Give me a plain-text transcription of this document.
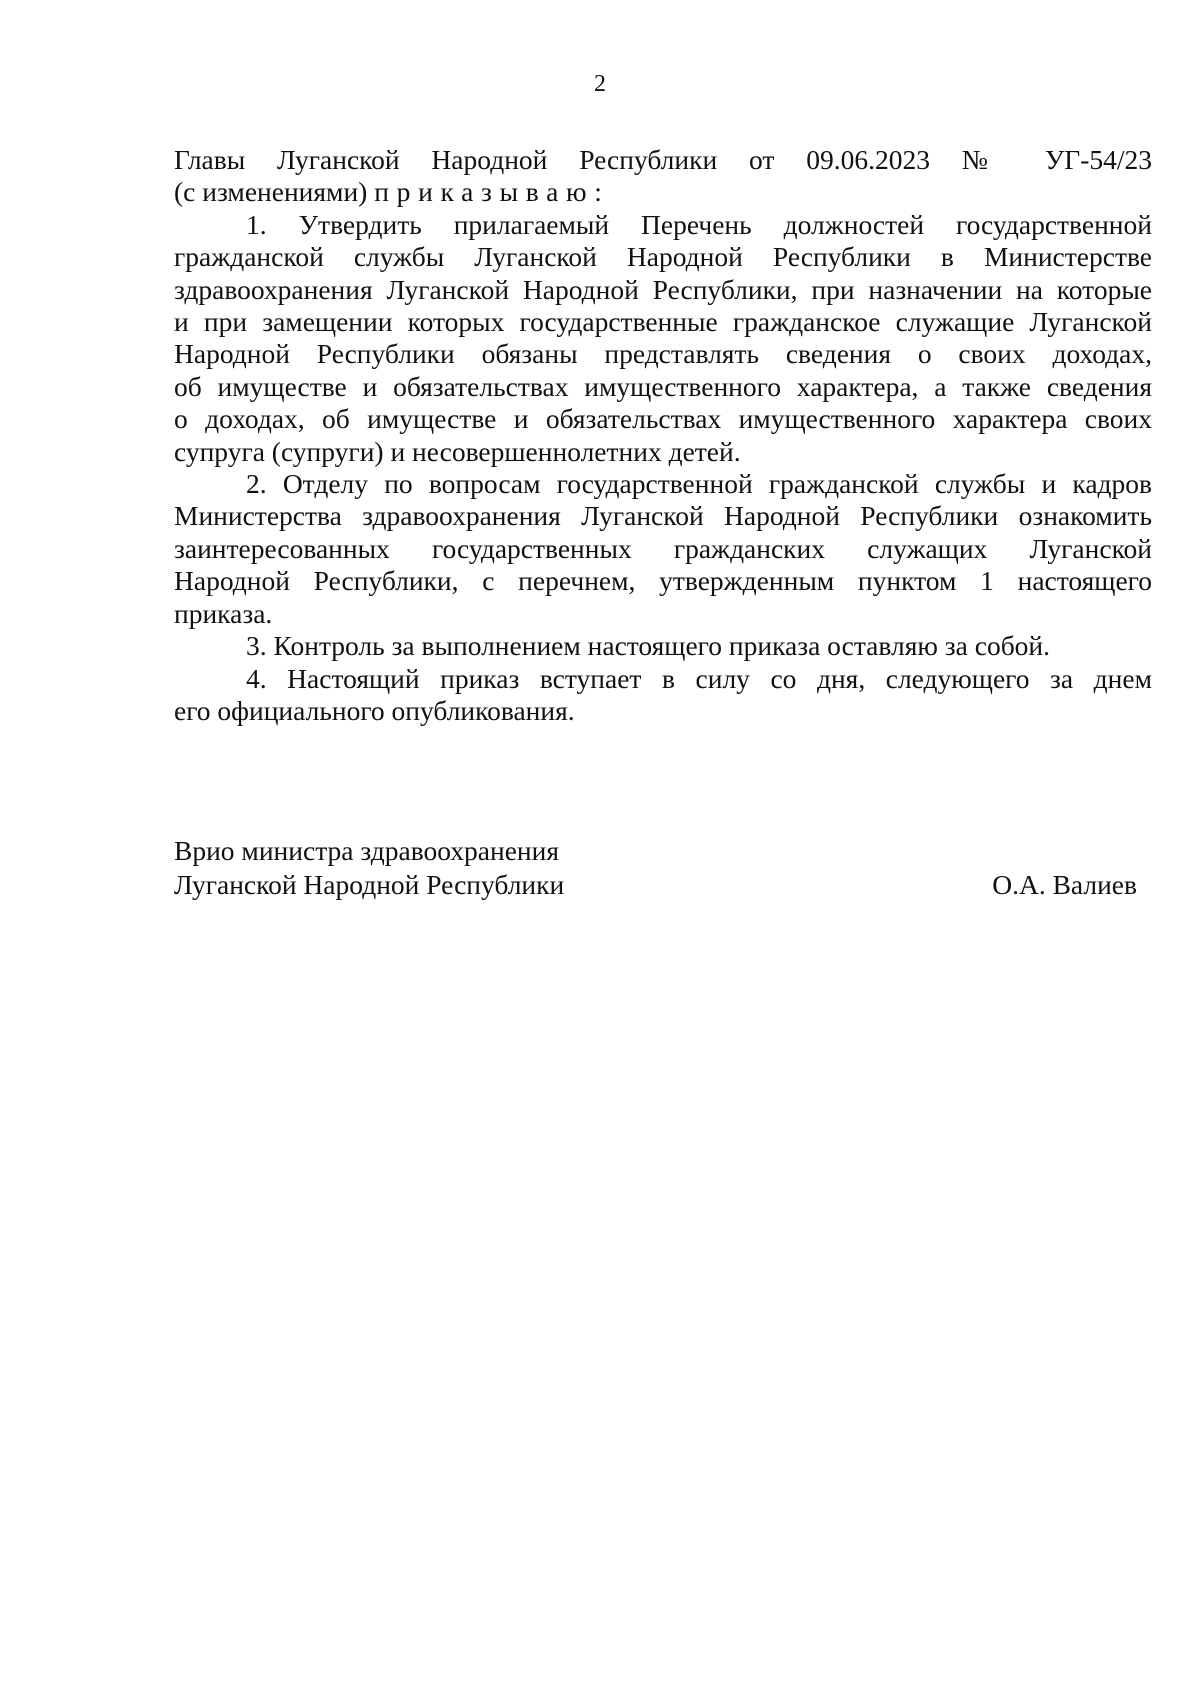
2
Главы Луганской Народной Республики от 09.06.2023 № УГ-54/23
(с изменениями) приказываю:
1. Утвердить прилагаемый Перечень должностей государственной
гражданской службы Луганской Народной Республики в Министерстве
здравоохранения Луганской Народной Республики, при назначении на которые
и при замещении которых государственные гражданское служащие Луганской
Народной Республики обязаны представлять сведения о своих доходах,
об имуществе и обязательствах имущественного характера, а также сведения
о доходах, об имуществе и обязательствах имущественного характера своих
супруга (супруги) и несовершеннолетних детей.
2. Отделу по вопросам государственной гражданской службы и кадров
Министерства здравоохранения Луганской Народной Республики ознакомить
заинтересованных государственных гражданских служащих Луганской
Народной Республики, с перечнем, утвержденным пунктом 1 настоящего
приказа.
3. Контроль за выполнением настоящего приказа оставляю за собой.
4. Настоящий приказ вступает в силу со дня, следующего за днем
его официального опубликования.
Врио министра здравоохранения
Луганской Народной Республики	О.А. Валиев
